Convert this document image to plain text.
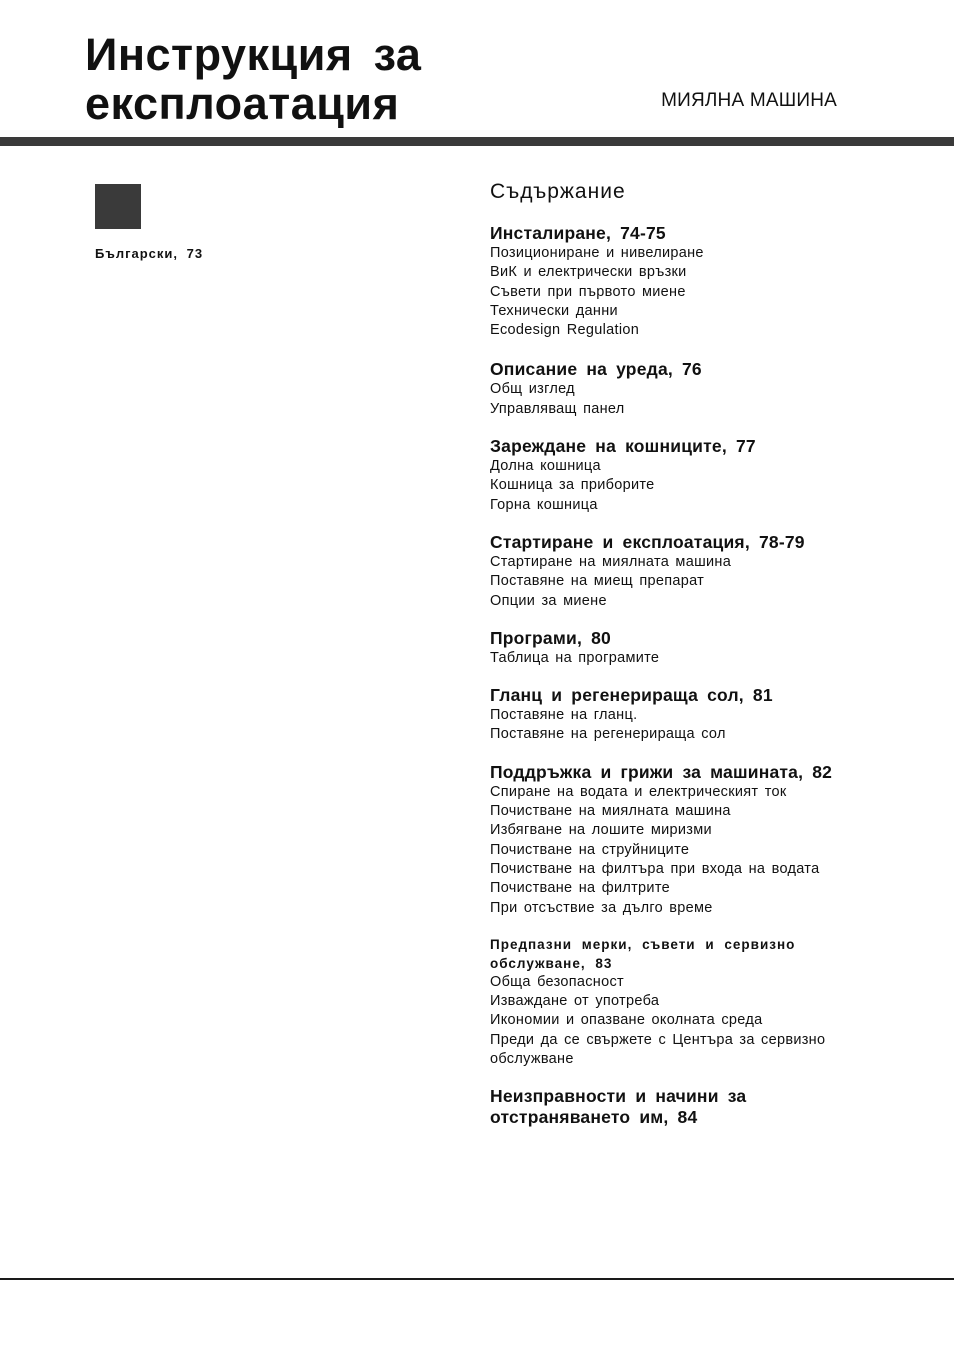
Инструкция за
експлоатация	МИЯЛНА МАШИНА
Български, 73
Съдържание
Инсталиране, 74-75
Позициониране и нивелиране
ВиК и електрически връзки
Съвети при първото миене
Технически данни
Ecodesign Regulation
Описание на уреда, 76
Общ изглед
Управляващ панел
Зареждане на кошниците, 77
Долна кошница
Кошница за приборите
Горна кошница
Стартиране и експлоатация, 78-79
Стартиране на миялната машина
Поставяне на миещ препарат
Опции за миене
Програми, 80
Таблица на програмите
Гланц и регенерираща сол, 81
Поставяне на гланц.
Поставяне на регенерираща сол
Поддръжка и грижи за машината, 82
Спиране на водата и електрическият ток
Почистване на миялната машина
Избягване на лошите миризми
Почистване на струйниците
Почистване на филтъра при входа на водата
Почистване на филтрите
При отсъствие за дълго време
Предпазни мерки, съвети и сервизно обслужване, 83
Обща безопасност
Изваждане от употреба
Икономии и опазване околната среда
Преди да се свържете с Центъра за сервизно обслужване
Неизправности и начини за отстраняването им, 84
